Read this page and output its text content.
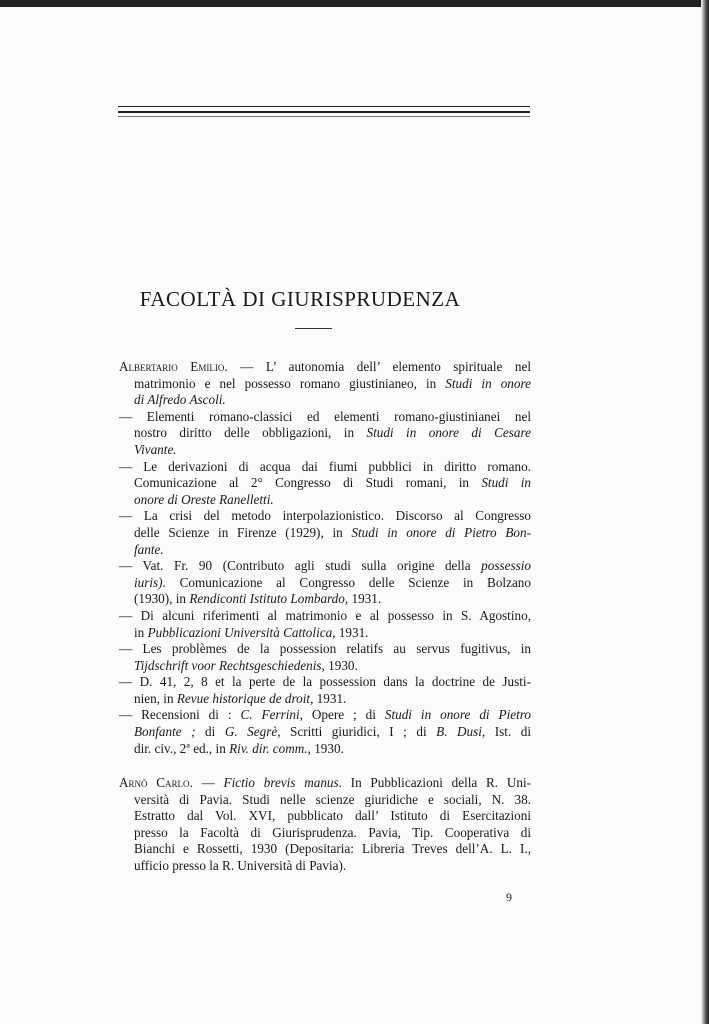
FACOLTÀ DI GIURISPRUDENZA
Albertario Emilio. — L’ autonomia dell’ elemento spirituale nel
matrimonio e nel possesso romano giustinianeo, in Studi in onore
di Alfredo Ascoli.
— Elementi romano-classici ed elementi romano-giustinianei nel
nostro diritto delle obbligazioni, in Studi in onore di Cesare
Vivante.
— Le derivazioni di acqua dai fiumi pubblici in diritto romano.
Comunicazione al 2° Congresso di Studi romani, in Studi in
onore di Oreste Ranelletti.
— La crisi del metodo interpolazionistico. Discorso al Congresso
delle Scienze in Firenze (1929), in Studi in onore di Pietro Bon-
fante.
— Vat. Fr. 90 (Contributo agli studi sulla origine della possessio
iuris). Comunicazione al Congresso delle Scienze in Bolzano
(1930), in Rendiconti Istituto Lombardo, 1931.
— Di alcuni riferimenti al matrimonio e al possesso in S. Agostino,
in Pubblicazioni Università Cattolica, 1931.
— Les problèmes de la possession relatifs au servus fugitivus, in
Tijdschrift voor Rechtsgeschiedenis, 1930.
— D. 41, 2, 8 et la perte de la possession dans la doctrine de Justi-
nien, in Revue historique de droit, 1931.
— Recensioni di : C. Ferrini, Opere ; di Studi in onore di Pietro
Bonfante ; di G. Segrè, Scritti giuridici, I ; di B. Dusi, Ist. di
dir. civ., 2ª ed., in Riv. dir. comm., 1930.
Arnò Carlo. — Fictio brevis manus. In Pubblicazioni della R. Uni-
versità di Pavia. Studi nelle scienze giuridiche e sociali, N. 38.
Estratto dal Vol. XVI, pubblicato dall’ Istituto di Esercitazioni
presso la Facoltà di Giurisprudenza. Pavia, Tip. Cooperativa di
Bianchi e Rossetti, 1930 (Depositaria: Libreria Treves dell’A. L. I.,
ufficio presso la R. Università di Pavia).
9
